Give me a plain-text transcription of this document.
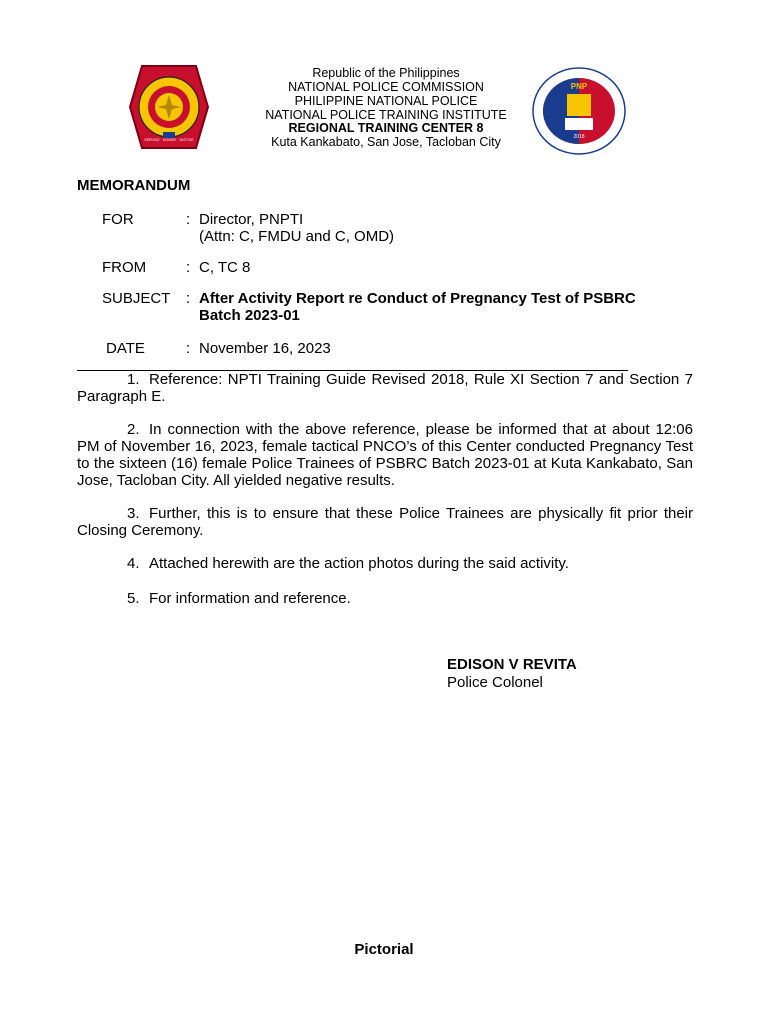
SERVICE · HONOR · JUSTICE
PNP
2018
Republic of the Philippines
NATIONAL POLICE COMMISSION
PHILIPPINE NATIONAL POLICE
NATIONAL POLICE TRAINING INSTITUTE
REGIONAL TRAINING CENTER 8
Kuta Kankabato, San Jose, Tacloban City
MEMORANDUM
FOR	: Director, PNPTI
(Attn: C, FMDU and C, OMD)
FROM	: C, TC 8
SUBJECT : After Activity Report re Conduct of Pregnancy Test of PSBRC
Batch 2023-01
DATE	: November 16, 2023
1. Reference: NPTI Training Guide Revised 2018, Rule XI Section 7 and Section 7 Paragraph E.
2. In connection with the above reference, please be informed that at about 12:06 PM of November 16, 2023, female tactical PNCO’s of this Center conducted Pregnancy Test to the sixteen (16) female Police Trainees of PSBRC Batch 2023-01 at Kuta Kankabato, San Jose, Tacloban City. All yielded negative results.
3. Further, this is to ensure that these Police Trainees are physically fit prior their Closing Ceremony.
4. Attached herewith are the action photos during the said activity.
5. For information and reference.
EDISON V REVITA
Police Colonel
Pictorial
